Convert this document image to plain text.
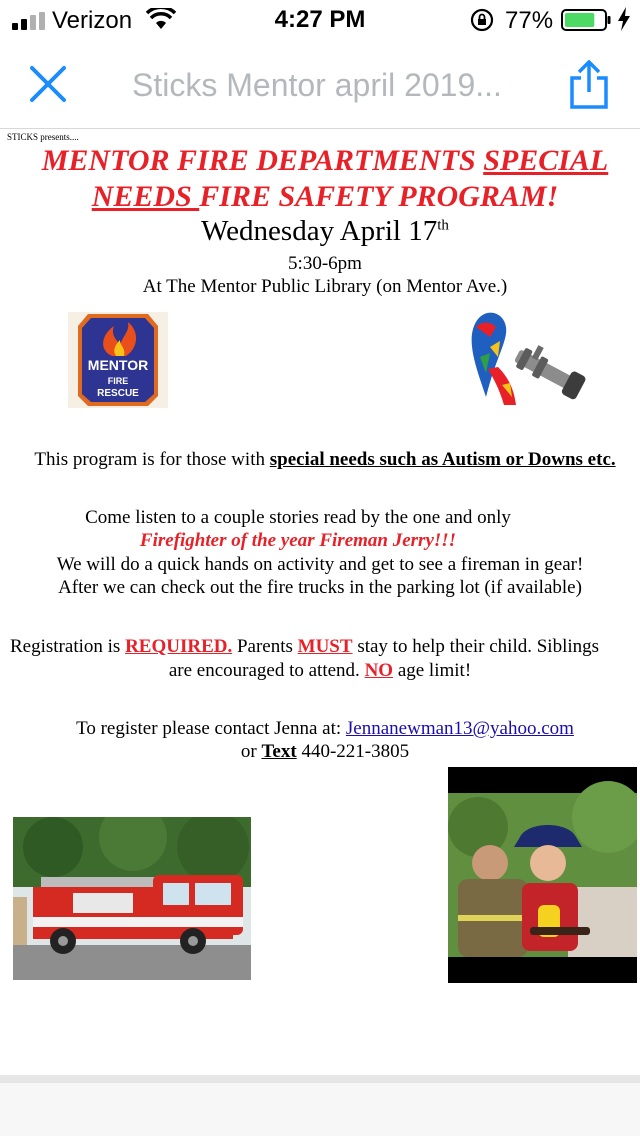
Verizon	4:27 PM	77%
Sticks Mentor april 2019...
STICKS presents....
MENTOR FIRE DEPARTMENTS SPECIAL
NEEDS FIRE SAFETY PROGRAM!
Wednesday April 17th
5:30-6pm
At The Mentor Public Library (on Mentor Ave.)
MENTOR
FIRE
RESCUE
This program is for those with special needs such as Autism or Downs etc.
Come listen to a couple stories read by the one and only
Firefighter of the year Fireman Jerry!!!
We will do a quick hands on activity and get to see a fireman in gear!
After we can check out the fire trucks in the parking lot (if available)
Registration is REQUIRED. Parents MUST stay to help their child. Siblings
are encouraged to attend. NO age limit!
To register please contact Jenna at: Jennanewman13@yahoo.com
or Text 440-221-3805
